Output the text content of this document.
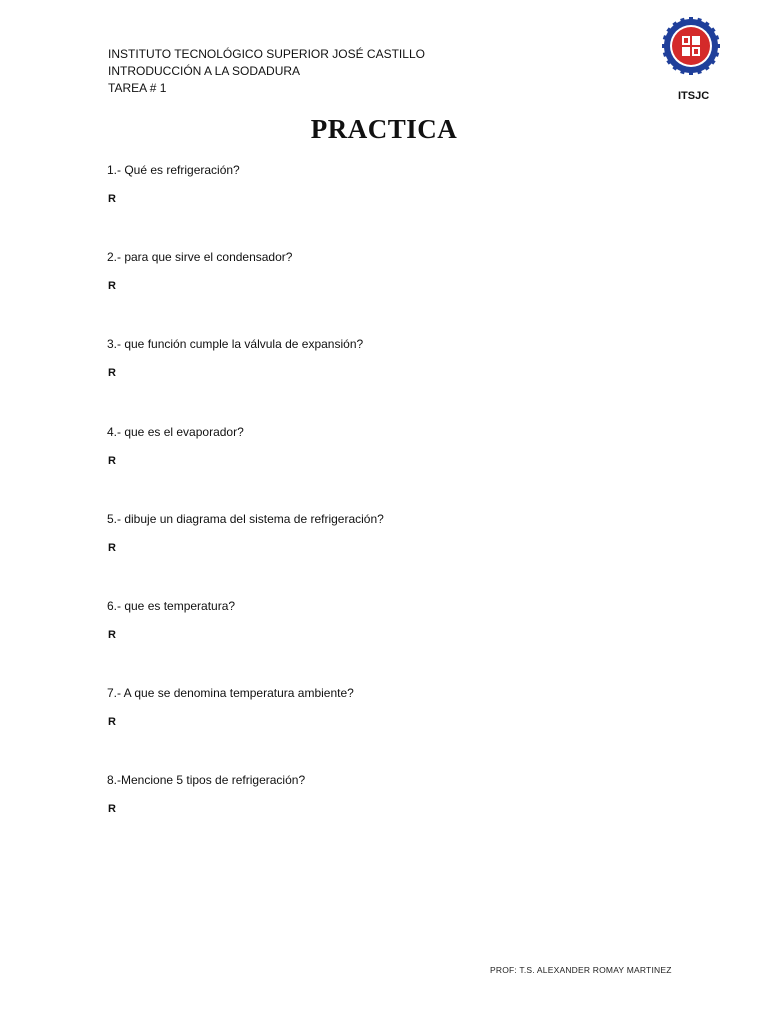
INSTITUTO TECNOLÓGICO SUPERIOR JOSÉ CASTILLO
INTRODUCCIÓN A LA SODADURA
TAREA # 1
ITSJC
PRACTICA
1.- Qué es refrigeración?
R
2.- para que sirve el condensador?
R
3.- que función cumple la válvula de expansión?
R
4.- que es el evaporador?
R
5.- dibuje un diagrama del sistema de refrigeración?
R
6.- que es temperatura?
R
7.- A que se denomina temperatura ambiente?
R
8.-Mencione 5 tipos de refrigeración?
R
PROF: T.S. ALEXANDER ROMAY MARTINEZ
